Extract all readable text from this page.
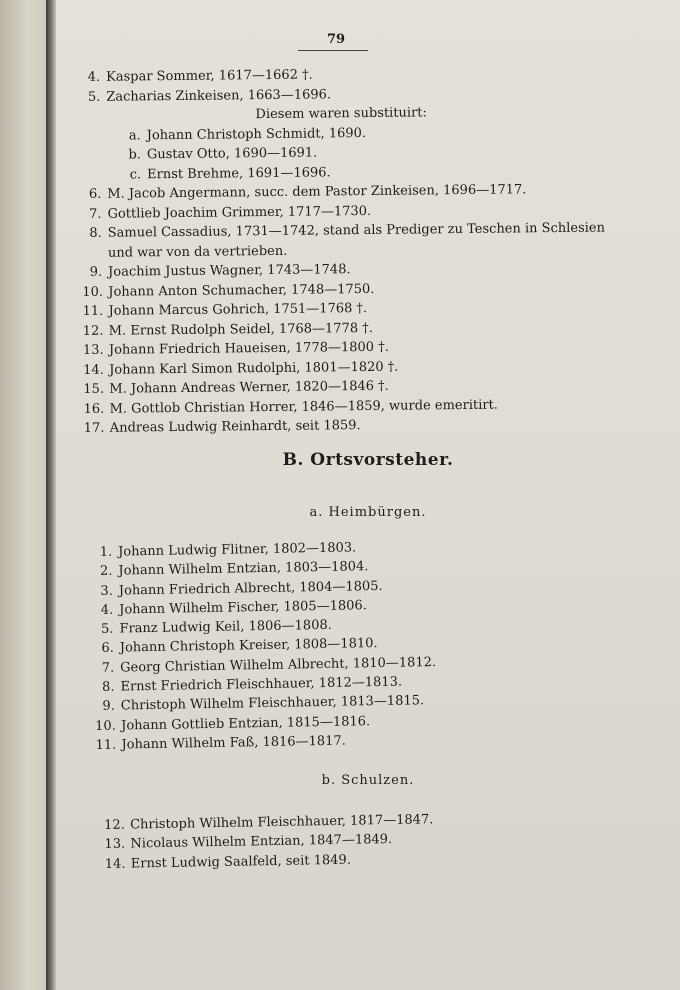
79
4. Kaspar Sommer, 1617—1662 †.
5. Zacharias Zinkeisen, 1663—1696.
Diesem waren substituirt:
a. Johann Christoph Schmidt, 1690.
b. Gustav Otto, 1690—1691.
c. Ernst Brehme, 1691—1696.
6. M. Jacob Angermann, succ. dem Pastor Zinkeisen, 1696—1717.
7. Gottlieb Joachim Grimmer, 1717—1730.
8. Samuel Cassadius, 1731—1742, stand als Prediger zu Teschen in Schlesien
und war von da vertrieben.
9. Joachim Justus Wagner, 1743—1748.
10. Johann Anton Schumacher, 1748—1750.
11. Johann Marcus Gohrich, 1751—1768 †.
12. M. Ernst Rudolph Seidel, 1768—1778 †.
13. Johann Friedrich Haueisen, 1778—1800 †.
14. Johann Karl Simon Rudolphi, 1801—1820 †.
15. M. Johann Andreas Werner, 1820—1846 †.
16. M. Gottlob Christian Horrer, 1846—1859, wurde emeritirt.
17. Andreas Ludwig Reinhardt, seit 1859.
B. Ortsvorsteher.
a. Heimbürgen.
1. Johann Ludwig Flitner, 1802—1803.
2. Johann Wilhelm Entzian, 1803—1804.
3. Johann Friedrich Albrecht, 1804—1805.
4. Johann Wilhelm Fischer, 1805—1806.
5. Franz Ludwig Keil, 1806—1808.
6. Johann Christoph Kreiser, 1808—1810.
7. Georg Christian Wilhelm Albrecht, 1810—1812.
8. Ernst Friedrich Fleischhauer, 1812—1813.
9. Christoph Wilhelm Fleischhauer, 1813—1815.
10. Johann Gottlieb Entzian, 1815—1816.
11. Johann Wilhelm Faß, 1816—1817.
b. Schulzen.
12. Christoph Wilhelm Fleischhauer, 1817—1847.
13. Nicolaus Wilhelm Entzian, 1847—1849.
14. Ernst Ludwig Saalfeld, seit 1849.
